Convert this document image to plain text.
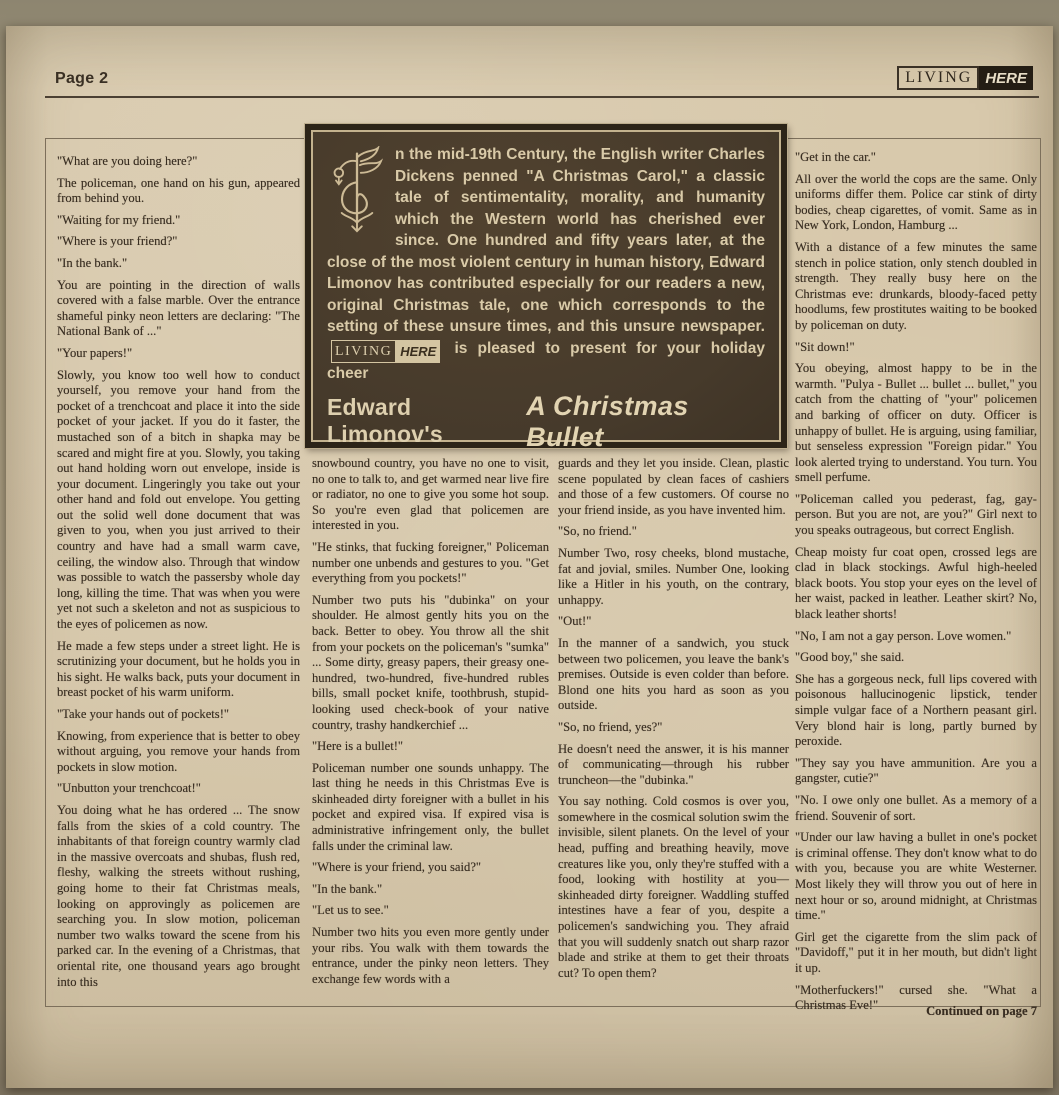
Page 2	LIVING HERE
n the mid-19th Century, the English writer Charles Dickens penned "A Christmas Carol," a classic tale of sentimentality, morality, and humanity which the Western world has cherished ever since. One hundred and fifty years later, at the close of the most violent century in human history, Edward Limonov has contributed especially for our readers a new, original Christmas tale, one which corresponds to the setting of these unsure times, and this unsure newspaper.
LIVING HERE is pleased to present for your holiday cheer
Edward Limonov's
A Christmas Bullet

"What are you doing here?"

The policeman, one hand on his gun, appeared from behind you.

"Waiting for my friend."

"Where is your friend?"

"In the bank."

You are pointing in the direction of walls covered with a false marble. Over the entrance shameful pinky neon letters are declaring: "The National Bank of ..."

"Your papers!"

Slowly, you know too well how to conduct yourself, you remove your hand from the pocket of a trenchcoat and place it into the side pocket of your jacket. If you do it faster, the mustached son of a bitch in shapka may be scared and might fire at you. Slowly, you taking out hand holding worn out envelope, inside is your document. Lingeringly you take out your other hand and fold out envelope. You getting out the solid well done document that was given to you, when you just arrived to their country and have had a small warm cave, ceiling, the window also. Through that window was possible to watch the passersby whole day long, killing the time. That was when you were yet not such a skeleton and not as suspicious to the eyes of policemen as now.

He made a few steps under a street light. He is scrutinizing your document, but he holds you in his sight. He walks back, puts your document in breast pocket of his warm uniform.

"Take your hands out of pockets!"

Knowing, from experience that is better to obey without arguing, you remove your hands from pockets in slow motion.

"Unbutton your trenchcoat!"

You doing what he has ordered ... The snow falls from the skies of a cold country. The inhabitants of that foreign country warmly clad in the massive overcoats and shubas, flush red, fleshy, walking the streets without rushing, going home to their fat Christmas meals, looking on approvingly as policemen are searching you. In slow motion, policeman number two walks toward the scene from his parked car. In the evening of a Christmas, that oriental rite, one thousand years ago brought into this

snowbound country, you have no one to visit, no one to talk to, and get warmed near live fire or radiator, no one to give you some hot soup. So you're even glad that policemen are interested in you.

"He stinks, that fucking foreigner," Policeman number one unbends and gestures to you. "Get everything from you pockets!"

Number two puts his "dubinka" on your shoulder. He almost gently hits you on the back. Better to obey. You throw all the shit from your pockets on the policeman's "sumka" ... Some dirty, greasy papers, their greasy one-hundred, two-hundred, five-hundred rubles bills, small pocket knife, toothbrush, stupid-looking used check-book of your native country, trashy handkerchief ...

"Here is a bullet!"

Policeman number one sounds unhappy. The last thing he needs in this Christmas Eve is skinheaded dirty foreigner with a bullet in his pocket and expired visa. If expired visa is administrative infringement only, the bullet falls under the criminal law.

"Where is your friend, you said?"

"In the bank."

"Let us to see."

Number two hits you even more gently under your ribs. You walk with them towards the entrance, under the pinky neon letters. They exchange few words with a

guards and they let you inside. Clean, plastic scene populated by clean faces of cashiers and those of a few customers. Of course no your friend inside, as you have invented him.

"So, no friend."

Number Two, rosy cheeks, blond mustache, fat and jovial, smiles. Number One, looking like a Hitler in his youth, on the contrary, unhappy.

"Out!"

In the manner of a sandwich, you stuck between two policemen, you leave the bank's premises. Outside is even colder than before. Blond one hits you hard as soon as you outside.

"So, no friend, yes?"

He doesn't need the answer, it is his manner of communicating—through his rubber truncheon—the "dubinka."

You say nothing. Cold cosmos is over you, somewhere in the cosmical solution swim the invisible, silent planets. On the level of your head, puffing and breathing heavily, move creatures like you, only they're stuffed with a food, looking with hostility at you—skinheaded dirty foreigner. Waddling stuffed intestines have a fear of you, despite a policemen's sandwiching you. They afraid that you will suddenly snatch out sharp razor blade and strike at them to get their throats cut? To open them?

"Get in the car."

All over the world the cops are the same. Only uniforms differ them. Police car stink of dirty bodies, cheap cigarettes, of vomit. Same as in New York, London, Hamburg ...

With a distance of a few minutes the same stench in police station, only stench doubled in strength. They really busy here on the Christmas eve: drunkards, bloody-faced petty hoodlums, few prostitutes waiting to be booked by policeman on duty.

"Sit down!"

You obeying, almost happy to be in the warmth. "Pulya - Bullet ... bullet ... bullet," you catch from the chatting of "your" policemen and barking of officer on duty. Officer is unhappy of bullet. He is arguing, using familiar, but senseless expression "Foreign pidar." You look alerted trying to understand. You turn. You smell perfume.

"Policeman called you pederast, fag, gay-person. But you are not, are you?" Girl next to you speaks outrageous, but correct English.

Cheap moisty fur coat open, crossed legs are clad in black stockings. Awful high-heeled black boots. You stop your eyes on the level of her waist, packed in leather. Leather skirt? No, black leather shorts!

"No, I am not a gay person. Love women."

"Good boy," she said.

She has a gorgeous neck, full lips covered with poisonous hallucinogenic lipstick, tender simple vulgar face of a Northern peasant girl. Very blond hair is long, partly burned by peroxide.

"They say you have ammunition. Are you a gangster, cutie?"

"No. I owe only one bullet. As a memory of a friend. Souvenir of sort.

"Under our law having a bullet in one's pocket is criminal offense. They don't know what to do with you, because you are white Westerner. Most likely they will throw you out of here in next hour or so, around midnight, at Christmas time."

Girl get the cigarette from the slim pack of "Davidoff," put it in her mouth, but didn't light it up.

"Motherfuckers!" cursed she. "What a Christmas Eve!"	Continued on page 7
